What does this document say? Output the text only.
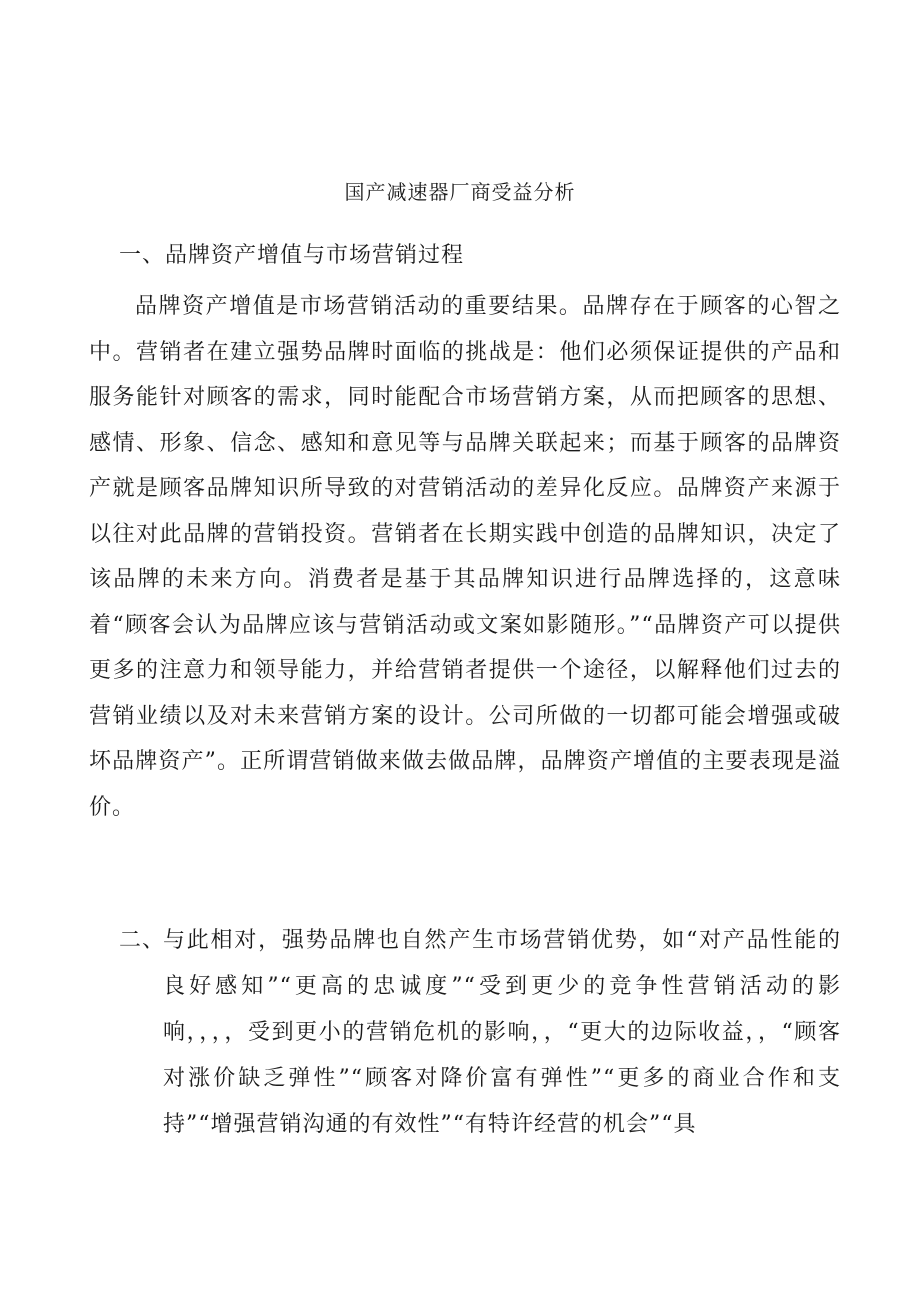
国产减速器厂商受益分析
一、品牌资产增值与市场营销过程
品牌资产增值是市场营销活动的重要结果。品牌存在于顾客的心智之中。营销者在建立强势品牌时面临的挑战是：他们必须保证提供的产品和服务能针对顾客的需求，同时能配合市场营销方案，从而把顾客的思想、感情、形象、信念、感知和意见等与品牌关联起来；而基于顾客的品牌资产就是顾客品牌知识所导致的对营销活动的差异化反应。品牌资产来源于以往对此品牌的营销投资。营销者在长期实践中创造的品牌知识，决定了该品牌的未来方向。消费者是基于其品牌知识进行品牌选择的，这意味着“顾客会认为品牌应该与营销活动或文案如影随形。”“品牌资产可以提供更多的注意力和领导能力，并给营销者提供一个途径，以解释他们过去的营销业绩以及对未来营销方案的设计。公司所做的一切都可能会增强或破坏品牌资产”。正所谓营销做来做去做品牌，品牌资产增值的主要表现是溢价。
二、
与此相对，强势品牌也自然产生市场营销优势，如“对产品性能的良好感知”“更高的忠诚度”“受到更少的竞争性营销活动的影响，，，，受到更小的营销危机的影响，，“更大的边际收益，，“顾客对涨价缺乏弹性”“顾客对降价富有弹性”“更多的商业合作和支持”“增强营销沟通的有效性”“有特许经营的机会”“具
